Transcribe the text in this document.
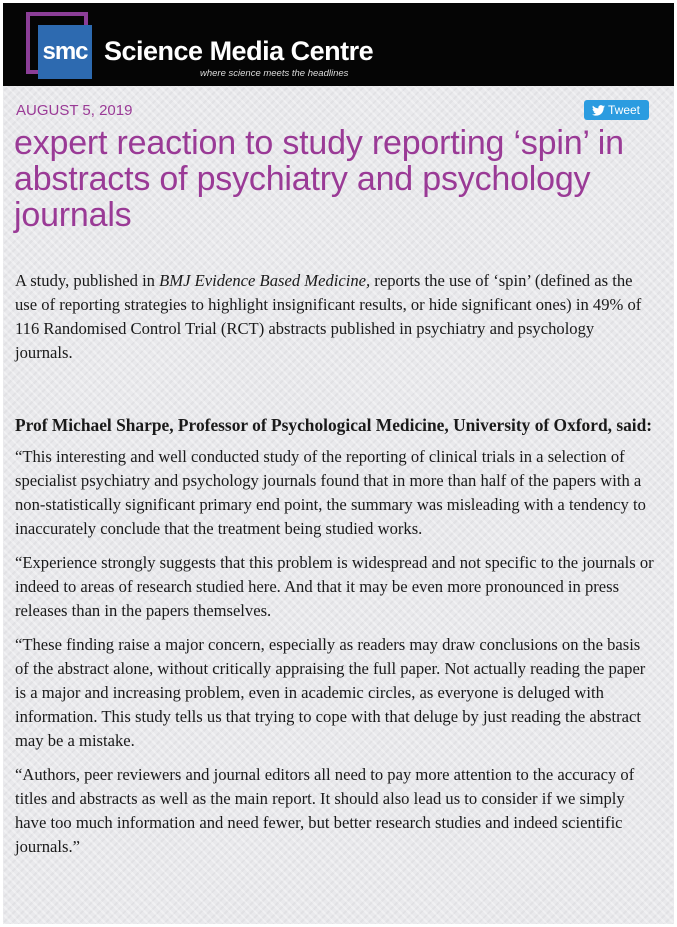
smc Science Media Centre
where science meets the headlines
AUGUST 5, 2019	Tweet
expert reaction to study reporting ‘spin’ in abstracts of psychiatry and psychology journals

A study, published in BMJ Evidence Based Medicine, reports the use of ‘spin’ (defined as the use of reporting strategies to highlight insignificant results, or hide significant ones) in 49% of 116 Randomised Control Trial (RCT) abstracts published in psychiatry and psychology journals.

Prof Michael Sharpe, Professor of Psychological Medicine, University of Oxford, said:

“This interesting and well conducted study of the reporting of clinical trials in a selection of specialist psychiatry and psychology journals found that in more than half of the papers with a non-statistically significant primary end point, the summary was misleading with a tendency to inaccurately conclude that the treatment being studied works.

“Experience strongly suggests that this problem is widespread and not specific to the journals or indeed to areas of research studied here. And that it may be even more pronounced in press releases than in the papers themselves.

“These finding raise a major concern, especially as readers may draw conclusions on the basis of the abstract alone, without critically appraising the full paper. Not actually reading the paper is a major and increasing problem, even in academic circles, as everyone is deluged with information. This study tells us that trying to cope with that deluge by just reading the abstract may be a mistake.

“Authors, peer reviewers and journal editors all need to pay more attention to the accuracy of titles and abstracts as well as the main report. It should also lead us to consider if we simply have too much information and need fewer, but better research studies and indeed scientific journals.”
